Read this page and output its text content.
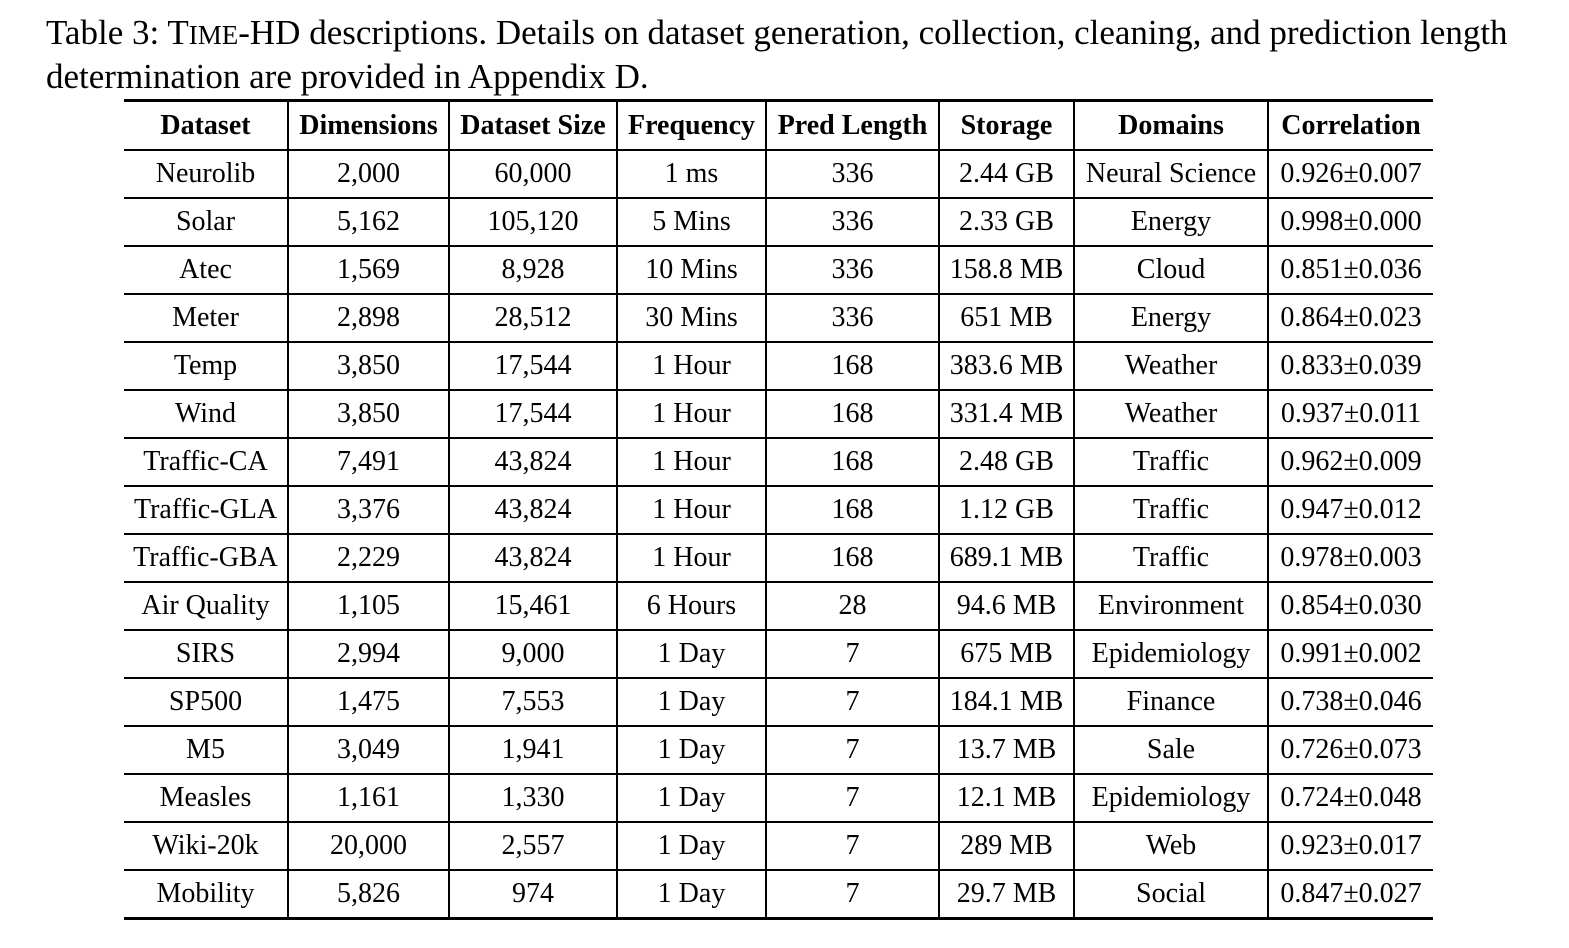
Table 3: TIME-HD descriptions. Details on dataset generation, collection, cleaning, and prediction length determination are provided in Appendix D.

Dataset	Dimensions	Dataset Size	Frequency	Pred Length	Storage	Domains	Correlation
Neurolib	2,000	60,000	1 ms	336	2.44 GB	Neural Science	0.926±0.007
Solar	5,162	105,120	5 Mins	336	2.33 GB	Energy	0.998±0.000
Atec	1,569	8,928	10 Mins	336	158.8 MB	Cloud	0.851±0.036
Meter	2,898	28,512	30 Mins	336	651 MB	Energy	0.864±0.023
Temp	3,850	17,544	1 Hour	168	383.6 MB	Weather	0.833±0.039
Wind	3,850	17,544	1 Hour	168	331.4 MB	Weather	0.937±0.011
Traffic-CA	7,491	43,824	1 Hour	168	2.48 GB	Traffic	0.962±0.009
Traffic-GLA	3,376	43,824	1 Hour	168	1.12 GB	Traffic	0.947±0.012
Traffic-GBA	2,229	43,824	1 Hour	168	689.1 MB	Traffic	0.978±0.003
Air Quality	1,105	15,461	6 Hours	28	94.6 MB	Environment	0.854±0.030
SIRS	2,994	9,000	1 Day	7	675 MB	Epidemiology	0.991±0.002
SP500	1,475	7,553	1 Day	7	184.1 MB	Finance	0.738±0.046
M5	3,049	1,941	1 Day	7	13.7 MB	Sale	0.726±0.073
Measles	1,161	1,330	1 Day	7	12.1 MB	Epidemiology	0.724±0.048
Wiki-20k	20,000	2,557	1 Day	7	289 MB	Web	0.923±0.017
Mobility	5,826	974	1 Day	7	29.7 MB	Social	0.847±0.027
